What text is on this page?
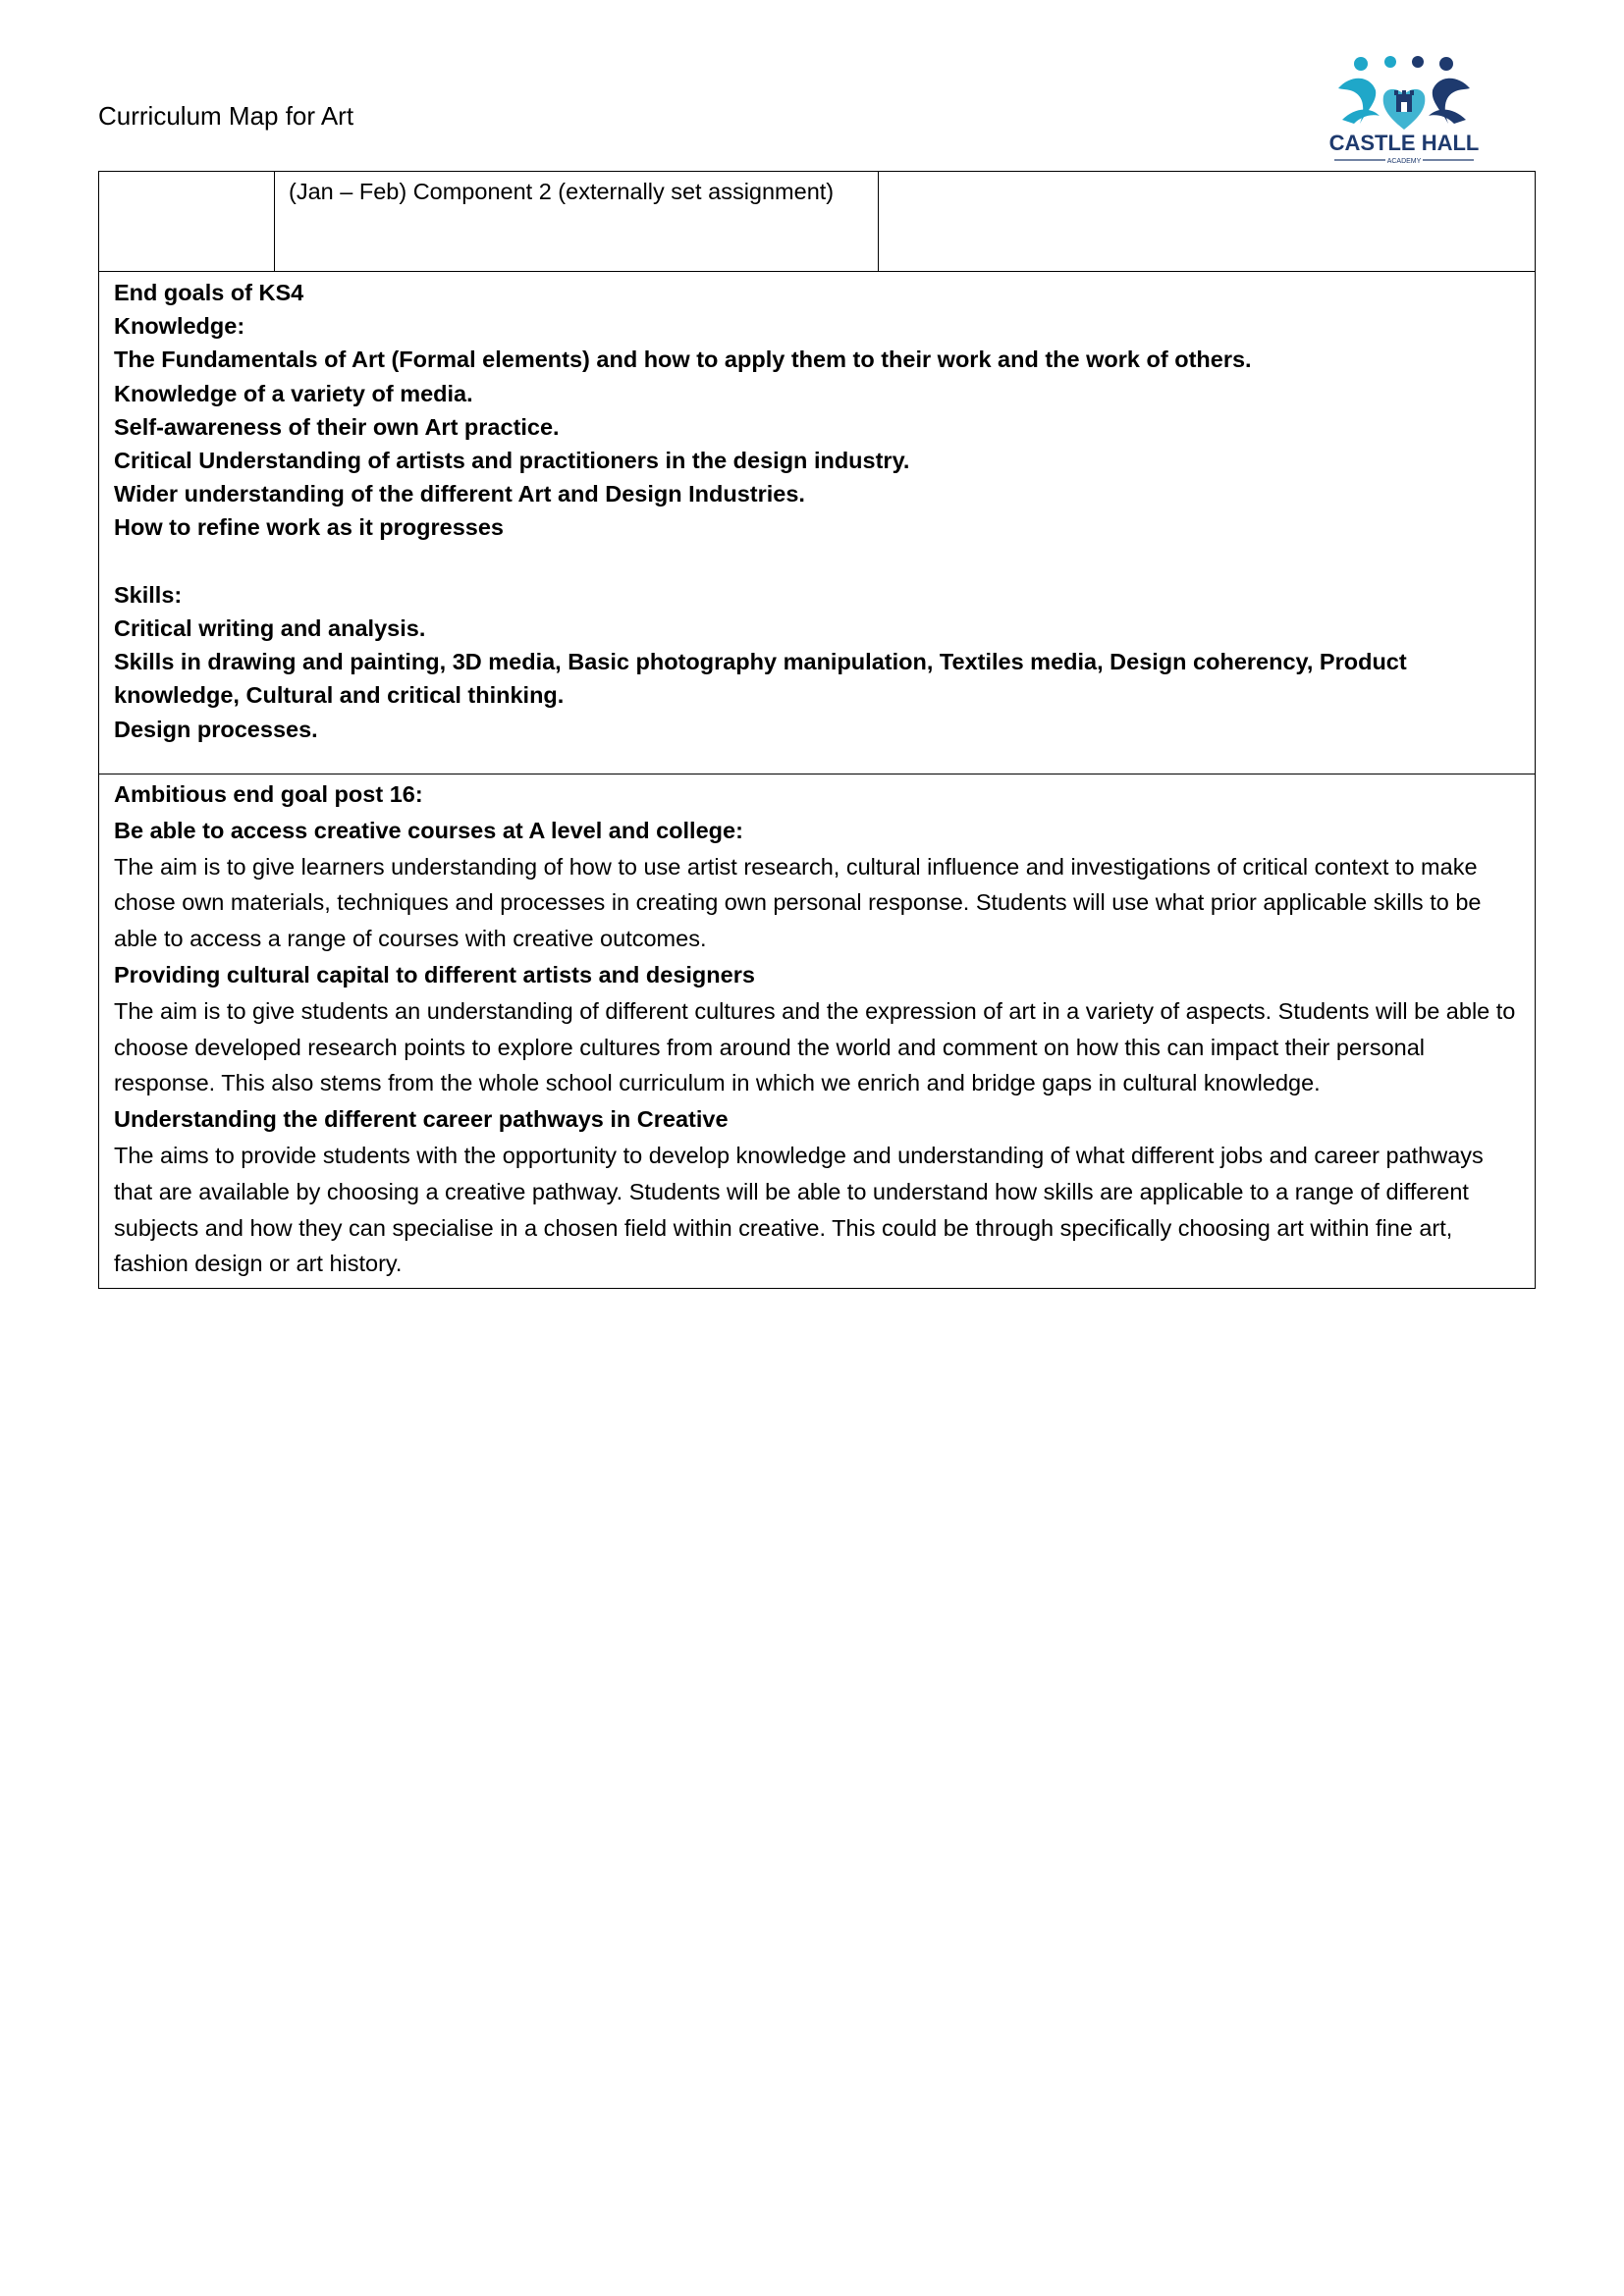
Curriculum Map for Art
CASTLE HALL
ACADEMY
(Jan – Feb) Component 2 (externally set assignment)

End goals of KS4

Knowledge:

The Fundamentals of Art (Formal elements) and how to apply them to their work and the work of others.

Knowledge of a variety of media.

Self-awareness of their own Art practice.

Critical Understanding of artists and practitioners in the design industry.

Wider understanding of the different Art and Design Industries.

How to refine work as it progresses

Skills:

Critical writing and analysis.

Skills in drawing and painting, 3D media, Basic photography manipulation, Textiles media, Design coherency, Product knowledge, Cultural and critical thinking.

Design processes.

Ambitious end goal post 16:

Be able to access creative courses at A level and college:

The aim is to give learners understanding of how to use artist research, cultural influence and investigations of critical context to make chose own materials, techniques and processes in creating own personal response. Students will use what prior applicable skills to be able to access a range of courses with creative outcomes.

Providing cultural capital to different artists and designers

The aim is to give students an understanding of different cultures and the expression of art in a variety of aspects. Students will be able to choose developed research points to explore cultures from around the world and comment on how this can impact their personal response. This also stems from the whole school curriculum in which we enrich and bridge gaps in cultural knowledge.

Understanding the different career pathways in Creative

The aims to provide students with the opportunity to develop knowledge and understanding of what different jobs and career pathways that are available by choosing a creative pathway. Students will be able to understand how skills are applicable to a range of different subjects and how they can specialise in a chosen field within creative. This could be through specifically choosing art within fine art, fashion design or art history.
